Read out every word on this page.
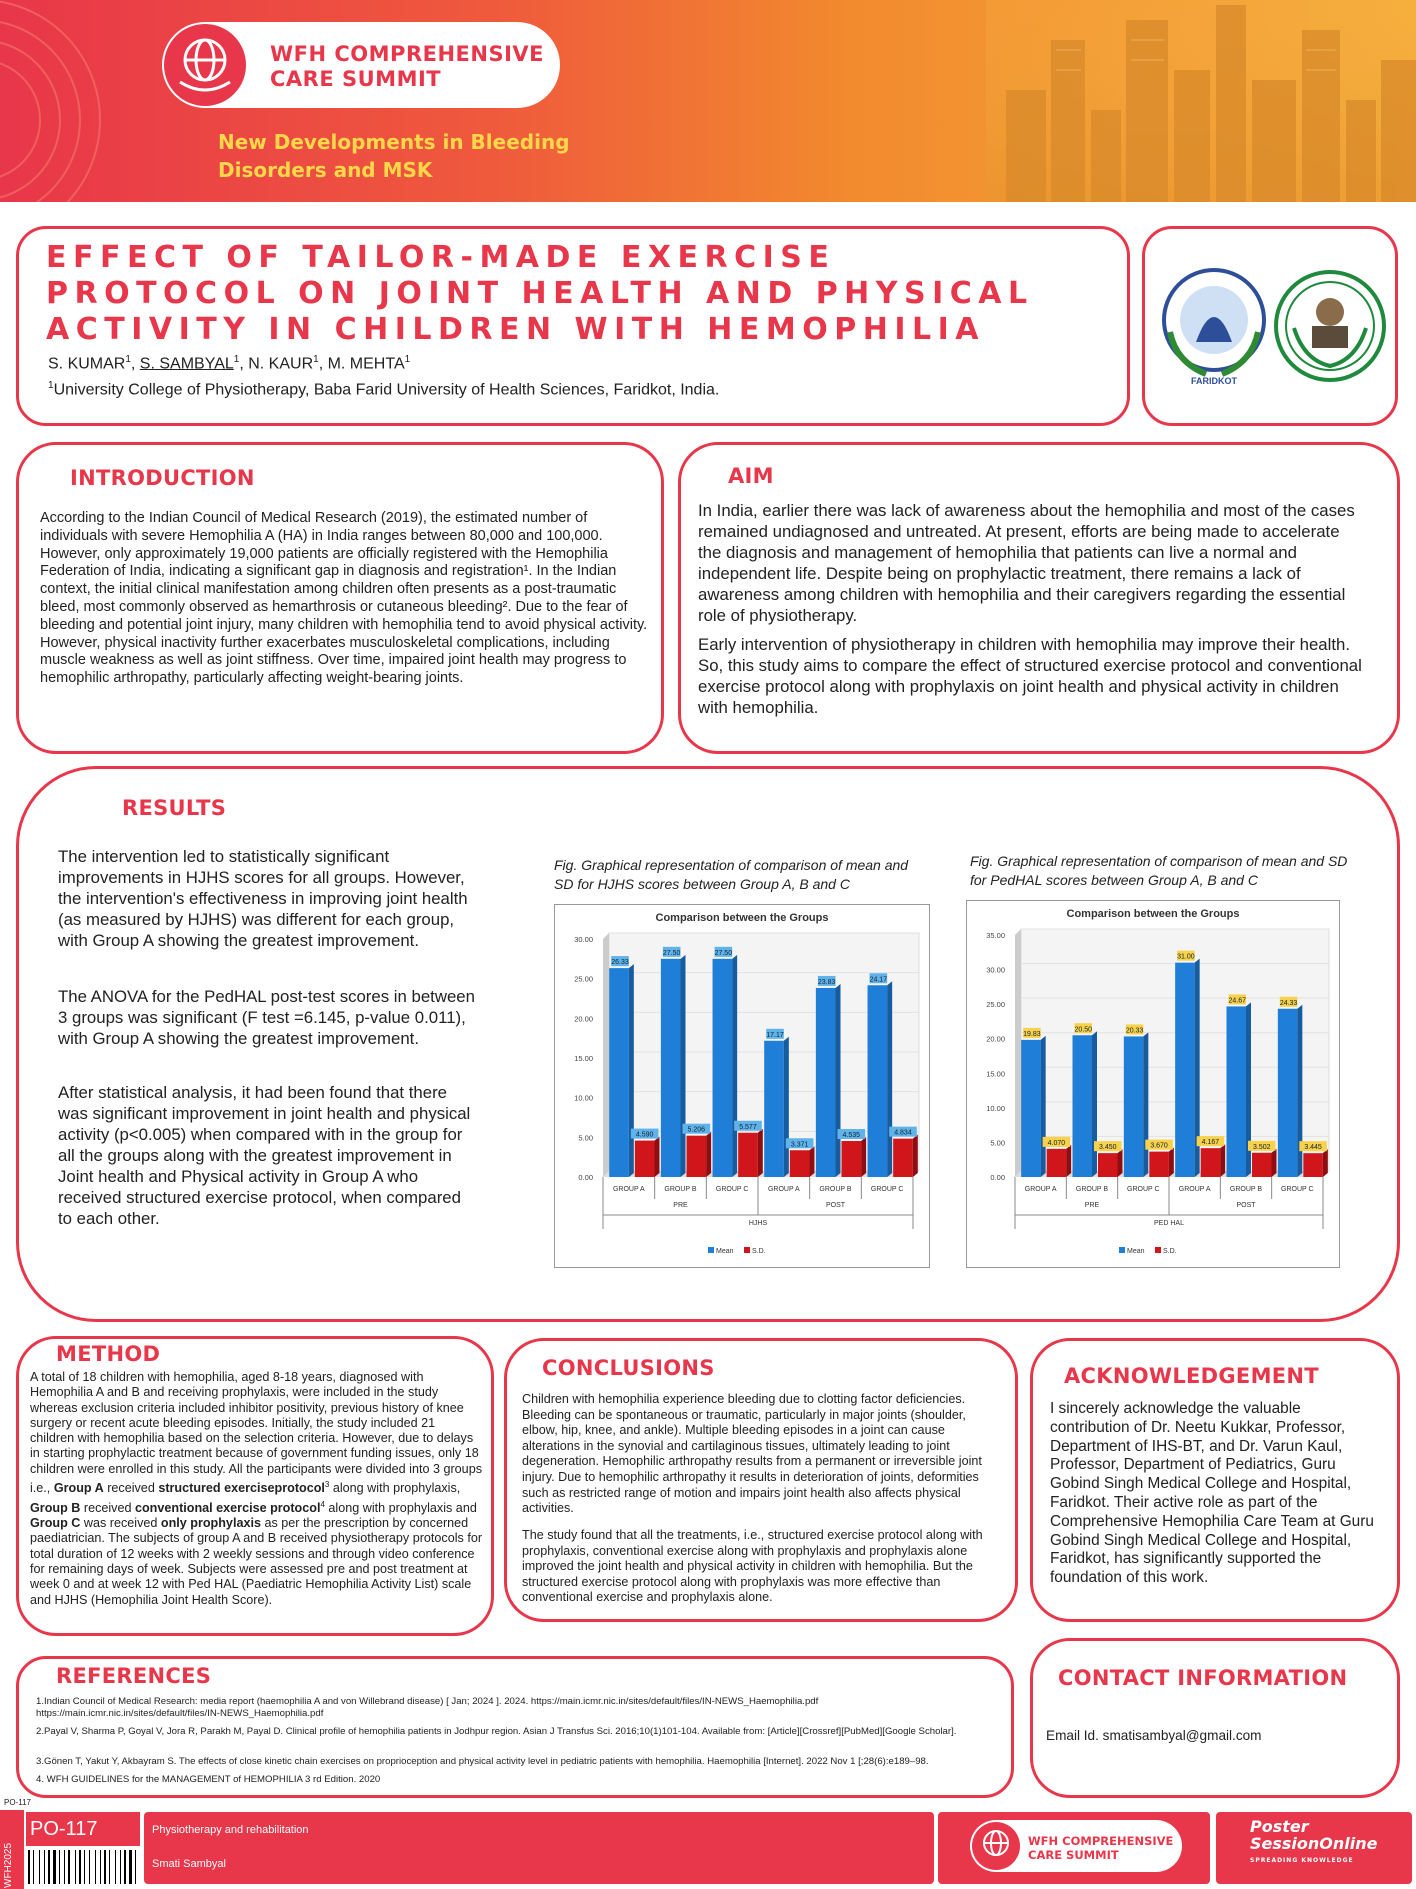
WFH COMPREHENSIVE
CARE SUMMIT
New Developments in Bleeding
Disorders and MSK
EFFECT OF TAILOR-MADE EXERCISE
PROTOCOL ON JOINT HEALTH AND PHYSICAL
ACTIVITY IN CHILDREN WITH HEMOPHILIA
S. KUMAR$^1$, S. SAMBYAL$^1$, N. KAUR$^1$, M. MEHTA$^1$
$^1$University College of Physiotherapy, Baba Farid University of Health Sciences, Faridkot, India.
FARIDKOT
INTRODUCTION
According to the Indian Council of Medical Research (2019), the estimated number of individuals with severe Hemophilia A (HA) in India ranges between 80,000 and 100,000. However, only approximately 19,000 patients are officially registered with the Hemophilia Federation of India, indicating a significant gap in diagnosis and registration¹. In the Indian context, the initial clinical manifestation among children often presents as a post-traumatic bleed, most commonly observed as hemarthrosis or cutaneous bleeding². Due to the fear of bleeding and potential joint injury, many children with hemophilia tend to avoid physical activity. However, physical inactivity further exacerbates musculoskeletal complications, including muscle weakness as well as joint stiffness. Over time, impaired joint health may progress to hemophilic arthropathy, particularly affecting weight-bearing joints.
AIM
In India, earlier there was lack of awareness about the hemophilia and most of the cases remained undiagnosed and untreated. At present, efforts are being made to accelerate the diagnosis and management of hemophilia that patients can live a normal and independent life. Despite being on prophylactic treatment, there remains a lack of awareness among children with hemophilia and their caregivers regarding the essential role of physiotherapy.
Early intervention of physiotherapy in children with hemophilia may improve their health. So, this study aims to compare the effect of structured exercise protocol and conventional exercise protocol along with prophylaxis on joint health and physical activity in children with hemophilia.
RESULTS
The intervention led to statistically significant improvements in HJHS scores for all groups. However, the intervention's effectiveness in improving joint health (as measured by HJHS) was different for each group, with Group A showing the greatest improvement.
The ANOVA for the PedHAL post-test scores in between 3 groups was significant (F test =6.145, p-value 0.011), with Group A showing the greatest improvement.
After statistical analysis, it had been found that there was significant improvement in joint health and physical activity (p<0.005) when compared with in the group for all the groups along with the greatest improvement in Joint health and Physical activity in Group A who received structured exercise protocol, when compared to each other.
Fig. Graphical representation of comparison of mean and SD for HJHS scores between Group A, B and C
Fig. Graphical representation of comparison of mean and SD for PedHAL scores between Group A, B and C
Comparison between the Groups
0.00
5.00
10.00
15.00
20.00
25.00
30.00
26.33
4.590
GROUP A
27.50
5.206
GROUP B
27.50
5.577
GROUP C
17.17
3.371
GROUP A
23.83
4.535
GROUP B
24.17
4.834
GROUP C
PRE	POST
HJHS
Mean	S.D.
Comparison between the Groups
0.00
5.00
10.00
15.00
20.00
25.00
30.00
35.00
19.83
4.070
GROUP A
20.50
3.450
GROUP B
20.33
3.670
GROUP C
31.00
4.167
GROUP A
24.67
3.502
GROUP B
24.33
3.445
GROUP C
PRE	POST
PED HAL
Mean	S.D.
METHOD
A total of 18 children with hemophilia, aged 8-18 years, diagnosed with Hemophilia A and B and receiving prophylaxis, were included in the study whereas exclusion criteria included inhibitor positivity, previous history of knee surgery or recent acute bleeding episodes. Initially, the study included 21 children with hemophilia based on the selection criteria. However, due to delays in starting prophylactic treatment because of government funding issues, only 18 children were enrolled in this study. All the participants were divided into 3 groups i.e., Group A received structured exerciseprotocol$^3$ along with prophylaxis, Group B received conventional exercise protocol$^4$ along with prophylaxis and Group C was received only prophylaxis as per the prescription by concerned paediatrician. The subjects of group A and B received physiotherapy protocols for total duration of 12 weeks with 2 weekly sessions and through video conference for remaining days of week. Subjects were assessed pre and post treatment at week 0 and at week 12 with Ped HAL (Paediatric Hemophilia Activity List) scale and HJHS (Hemophilia Joint Health Score).
CONCLUSIONS
Children with hemophilia experience bleeding due to clotting factor deficiencies. Bleeding can be spontaneous or traumatic, particularly in major joints (shoulder, elbow, hip, knee, and ankle). Multiple bleeding episodes in a joint can cause alterations in the synovial and cartilaginous tissues, ultimately leading to joint degeneration. Hemophilic arthropathy results from a permanent or irreversible joint injury. Due to hemophilic arthropathy it results in deterioration of joints, deformities such as restricted range of motion and impairs joint health also affects physical activities.
The study found that all the treatments, i.e., structured exercise protocol along with prophylaxis, conventional exercise along with prophylaxis and prophylaxis alone improved the joint health and physical activity in children with hemophilia. But the structured exercise protocol along with prophylaxis was more effective than conventional exercise and prophylaxis alone.
ACKNOWLEDGEMENT
I sincerely acknowledge the valuable contribution of Dr. Neetu Kukkar, Professor, Department of IHS-BT, and Dr. Varun Kaul, Professor, Department of Pediatrics, Guru Gobind Singh Medical College and Hospital, Faridkot. Their active role as part of the Comprehensive Hemophilia Care Team at Guru Gobind Singh Medical College and Hospital, Faridkot, has significantly supported the foundation of this work.
REFERENCES
1.Indian Council of Medical Research: media report (haemophilia A and von Willebrand disease) [ Jan; 2024 ]. 2024. https://main.icmr.nic.in/sites/default/files/IN-NEWS_Haemophilia.pdf https://main.icmr.nic.in/sites/default/files/IN-NEWS_Haemophilia.pdf
2.Payal V, Sharma P, Goyal V, Jora R, Parakh M, Payal D. Clinical profile of hemophilia patients in Jodhpur region. Asian J Transfus Sci. 2016;10(1)101-104. Available from: [Article][Crossref][PubMed][Google Scholar].
3.Gönen T, Yakut Y, Akbayram S. The effects of close kinetic chain exercises on proprioception and physical activity level in pediatric patients with hemophilia. Haemophilia [Internet]. 2022 Nov 1 [;28(6):e189–98.
4. WFH GUIDELINES for the MANAGEMENT of HEMOPHILIA 3 rd Edition. 2020
CONTACT INFORMATION
Email Id. smatisambyal@gmail.com
PO-117
WFH2025
PO-117	Physiotherapy and rehabilitation
Smati Sambyal
WFH COMPREHENSIVE
CARE SUMMIT
Poster
SessionOnline
SPREADING KNOWLEDGE
